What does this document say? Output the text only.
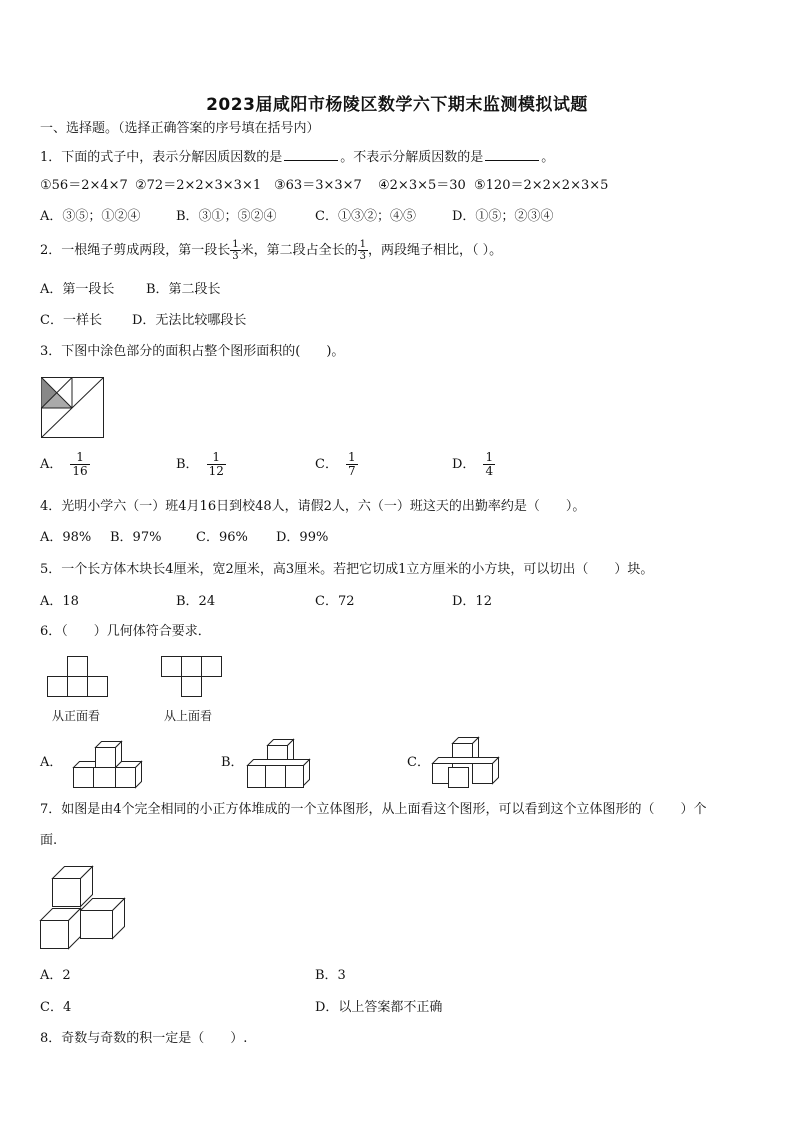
2023届咸阳市杨陵区数学六下期末监测模拟试题
一、选择题。（选择正确答案的序号填在括号内）
1．下面的式子中，表示分解因质因数的是	。不表示分解质因数的是	。
①56＝2×4×7 ②72＝2×2×3×3×1 ③63＝3×3×7 ④2×3×5＝30 ⑤120＝2×2×2×3×5
A．③⑤；①②④	B．③①；⑤②④	C．①③②；④⑤	D．①⑤；②③④
2．一根绳子剪成两段，第一段长 $\frac{1}{3}$ 米，第二段占全长的 $\frac{1}{3}$ ，两段绳子相比，（ ）。
A．第一段长 B．第二段长
C．一样长 D．无法比较哪段长
3．下图中涂色部分的面积占整个图形面积的(　　)。
A． $\frac{1}{16}$	B． $\frac{1}{12}$	C． $\frac{1}{7}$	D． $\frac{1}{4}$
4．光明小学六（一）班4月16日到校48人，请假2人，六（一）班这天的出勤率约是（　　）。
A．98% B．97%	C．96% D．99%
5．一个长方体木块长4厘米，宽2厘米，高3厘米。若把它切成1立方厘米的小方块，可以切出（　　）块。
A．18	B．24	C．72	D．12
6．（　　）几何体符合要求．
从正面看	从上面看
A．	B．	C．
7．如图是由4个完全相同的小正方体堆成的一个立体图形，从上面看这个图形，可以看到这个立体图形的（　　）个
面.
A．2	B．3
C．4	D．以上答案都不正确
8．奇数与奇数的积一定是（　　）.
